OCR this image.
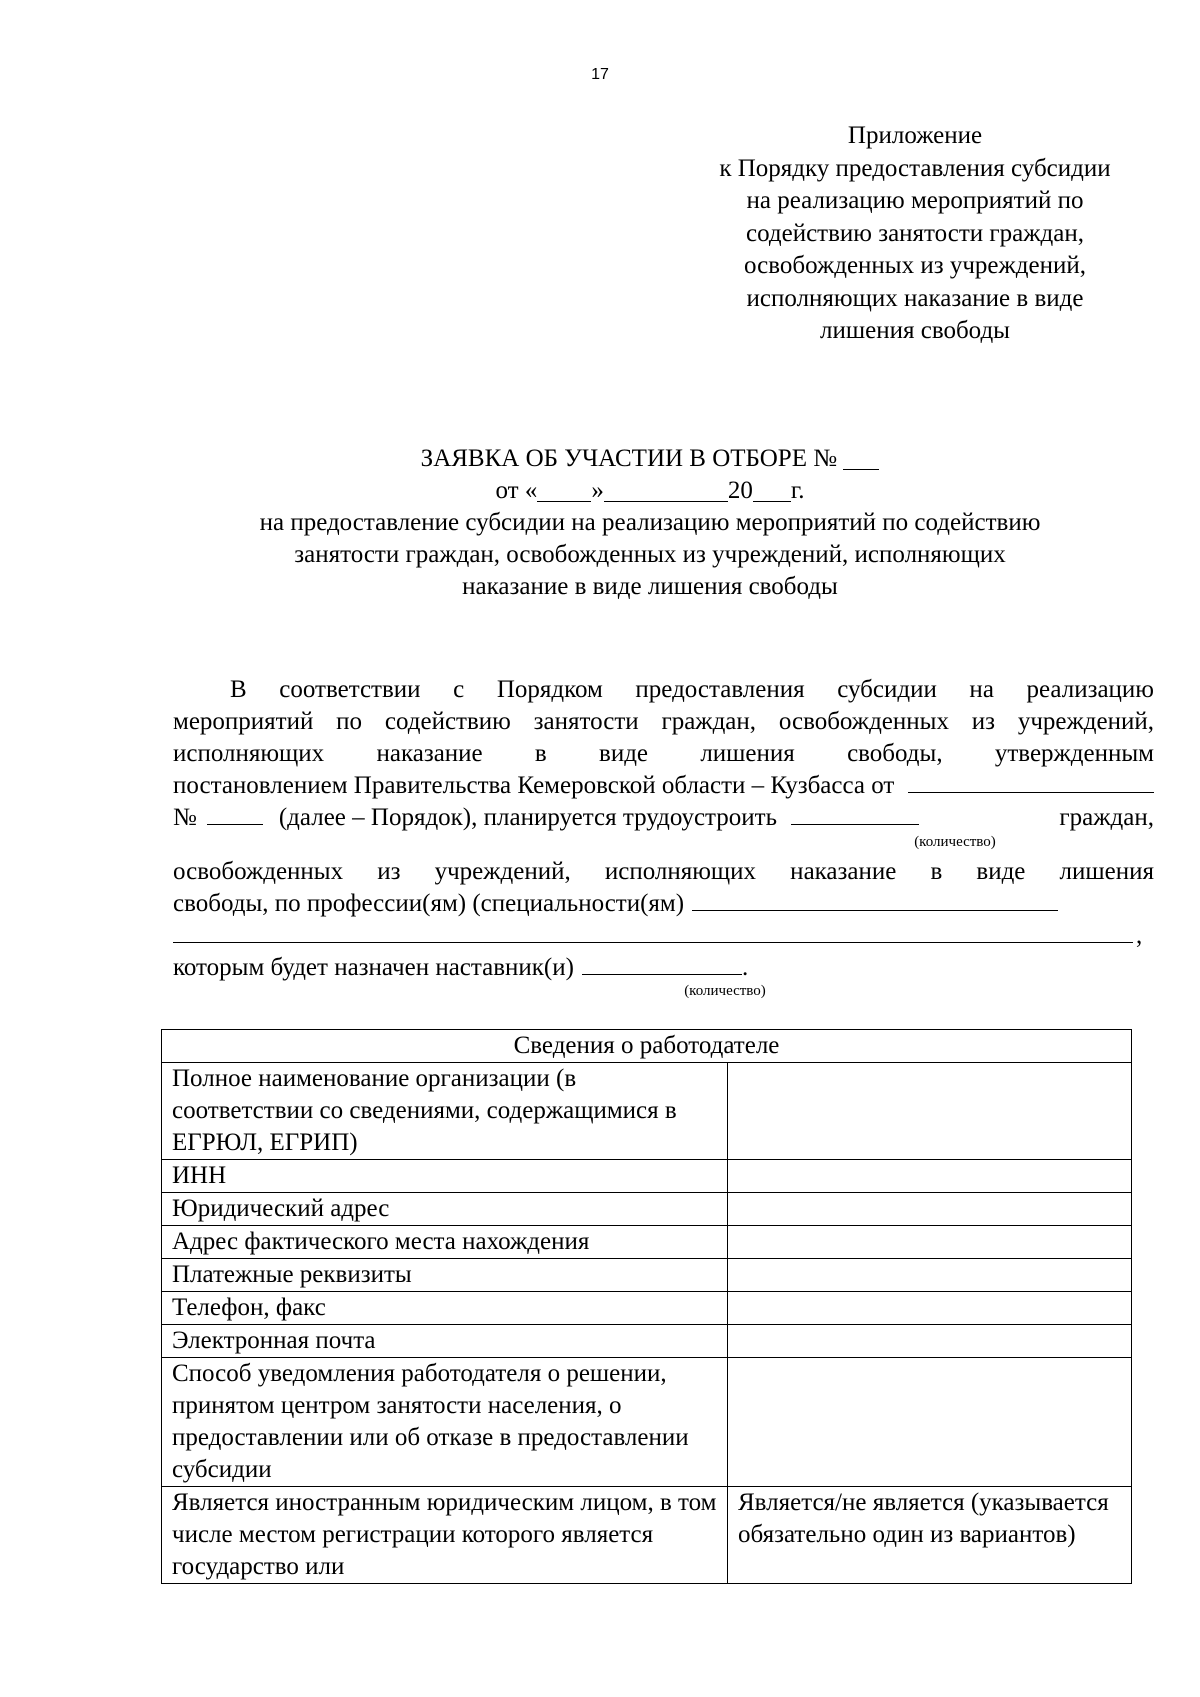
17
Приложение
к Порядку предоставления субсидии
на реализацию мероприятий по
содействию занятости граждан,
освобожденных из учреждений,
исполняющих наказание в виде
лишения свободы
ЗАЯВКА ОБ УЧАСТИИ В ОТБОРЕ №
от « »	20 г.
на предоставление субсидии на реализацию мероприятий по содействию
занятости граждан, освобожденных из учреждений, исполняющих
наказание в виде лишения свободы
В соответствии с Порядком предоставления субсидии на реализацию
мероприятий по содействию занятости граждан, освобожденных из учреждений,
исполняющих наказание в виде лишения свободы, утвержденным
постановлением Правительства Кемеровской области – Кузбасса от
№	(далее – Порядок), планируется трудоустроить	граждан,
(количество)
освобожденных из учреждений, исполняющих наказание в виде лишения
свободы, по профессии(ям) (специальности(ям)
,
которым будет назначен наставник(и)	.
(количество)
Сведения о работодателе	
Полное наименование организации (в соответствии со сведениями, содержащимися в ЕГРЮЛ, ЕГРИП)	
ИНН	
Юридический адрес	
Адрес фактического места нахождения	
Платежные реквизиты	
Телефон, факс	
Электронная почта	
Способ уведомления работодателя о решении, принятом центром занятости населения, о предоставлении или об отказе в предоставлении субсидии	
Является иностранным юридическим лицом, в том числе местом регистрации которого является государство или	Является/не является (указывается обязательно один из вариантов)
